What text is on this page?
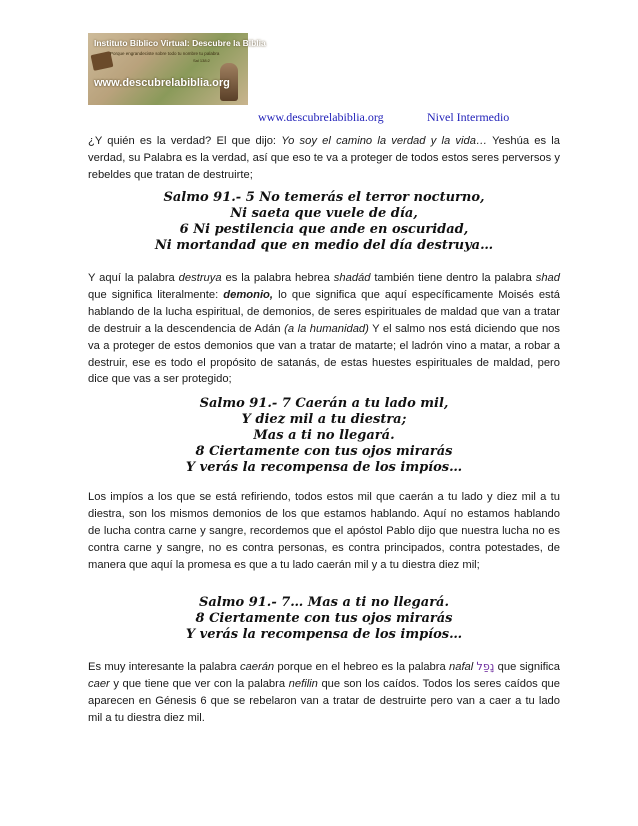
Instituto Bíblico Virtual: Descubre la Biblia
Porque engrandeciste sobre todo tu nombre tu palabra
Sal 138:2
www.descubrelabiblia.org
www.descubrelabiblia.org	Nivel Intermedio

¿Y quién es la verdad? El que dijo: Yo soy el camino la verdad y la vida… Yeshúa es la verdad, su Palabra es la verdad, así que eso te va a proteger de todos estos seres perversos y rebeldes que tratan de destruirte;

Salmo 91.- 5 No temerás el terror nocturno,
Ni saeta que vuele de día,
6 Ni pestilencia que ande en oscuridad,
Ni mortandad que en medio del día destruya…

Y aquí la palabra destruya es la palabra hebrea shadád también tiene dentro la palabra shad que significa literalmente: demonio, lo que significa que aquí específicamente Moisés está hablando de la lucha espiritual, de demonios, de seres espirituales de maldad que van a tratar de destruir a la descendencia de Adán (a la humanidad) Y el salmo nos está diciendo que nos va a proteger de estos demonios que van a tratar de matarte; el ladrón vino a matar, a robar a destruir, ese es todo el propósito de satanás, de estas huestes espirituales de maldad, pero dice que vas a ser protegido;

Salmo 91.- 7 Caerán a tu lado mil,
Y diez mil a tu diestra;
Mas a ti no llegará.
8 Ciertamente con tus ojos mirarás
Y verás la recompensa de los impíos…

Los impíos a los que se está refiriendo, todos estos mil que caerán a tu lado y diez mil a tu diestra, son los mismos demonios de los que estamos hablando. Aquí no estamos hablando de lucha contra carne y sangre, recordemos que el apóstol Pablo dijo que nuestra lucha no es contra carne y sangre, no es contra personas, es contra principados, contra potestades, de manera que aquí la promesa es que a tu lado caerán mil y a tu diestra diez mil;

Salmo 91.- 7… Mas a ti no llegará.
8 Ciertamente con tus ojos mirarás
Y verás la recompensa de los impíos…

Es muy interesante la palabra caerán porque en el hebreo es la palabra nafal נָפַל que significa caer y que tiene que ver con la palabra nefilin que son los caídos. Todos los seres caídos que aparecen en Génesis 6 que se rebelaron van a tratar de destruirte pero van a caer a tu lado mil a tu diestra diez mil.
